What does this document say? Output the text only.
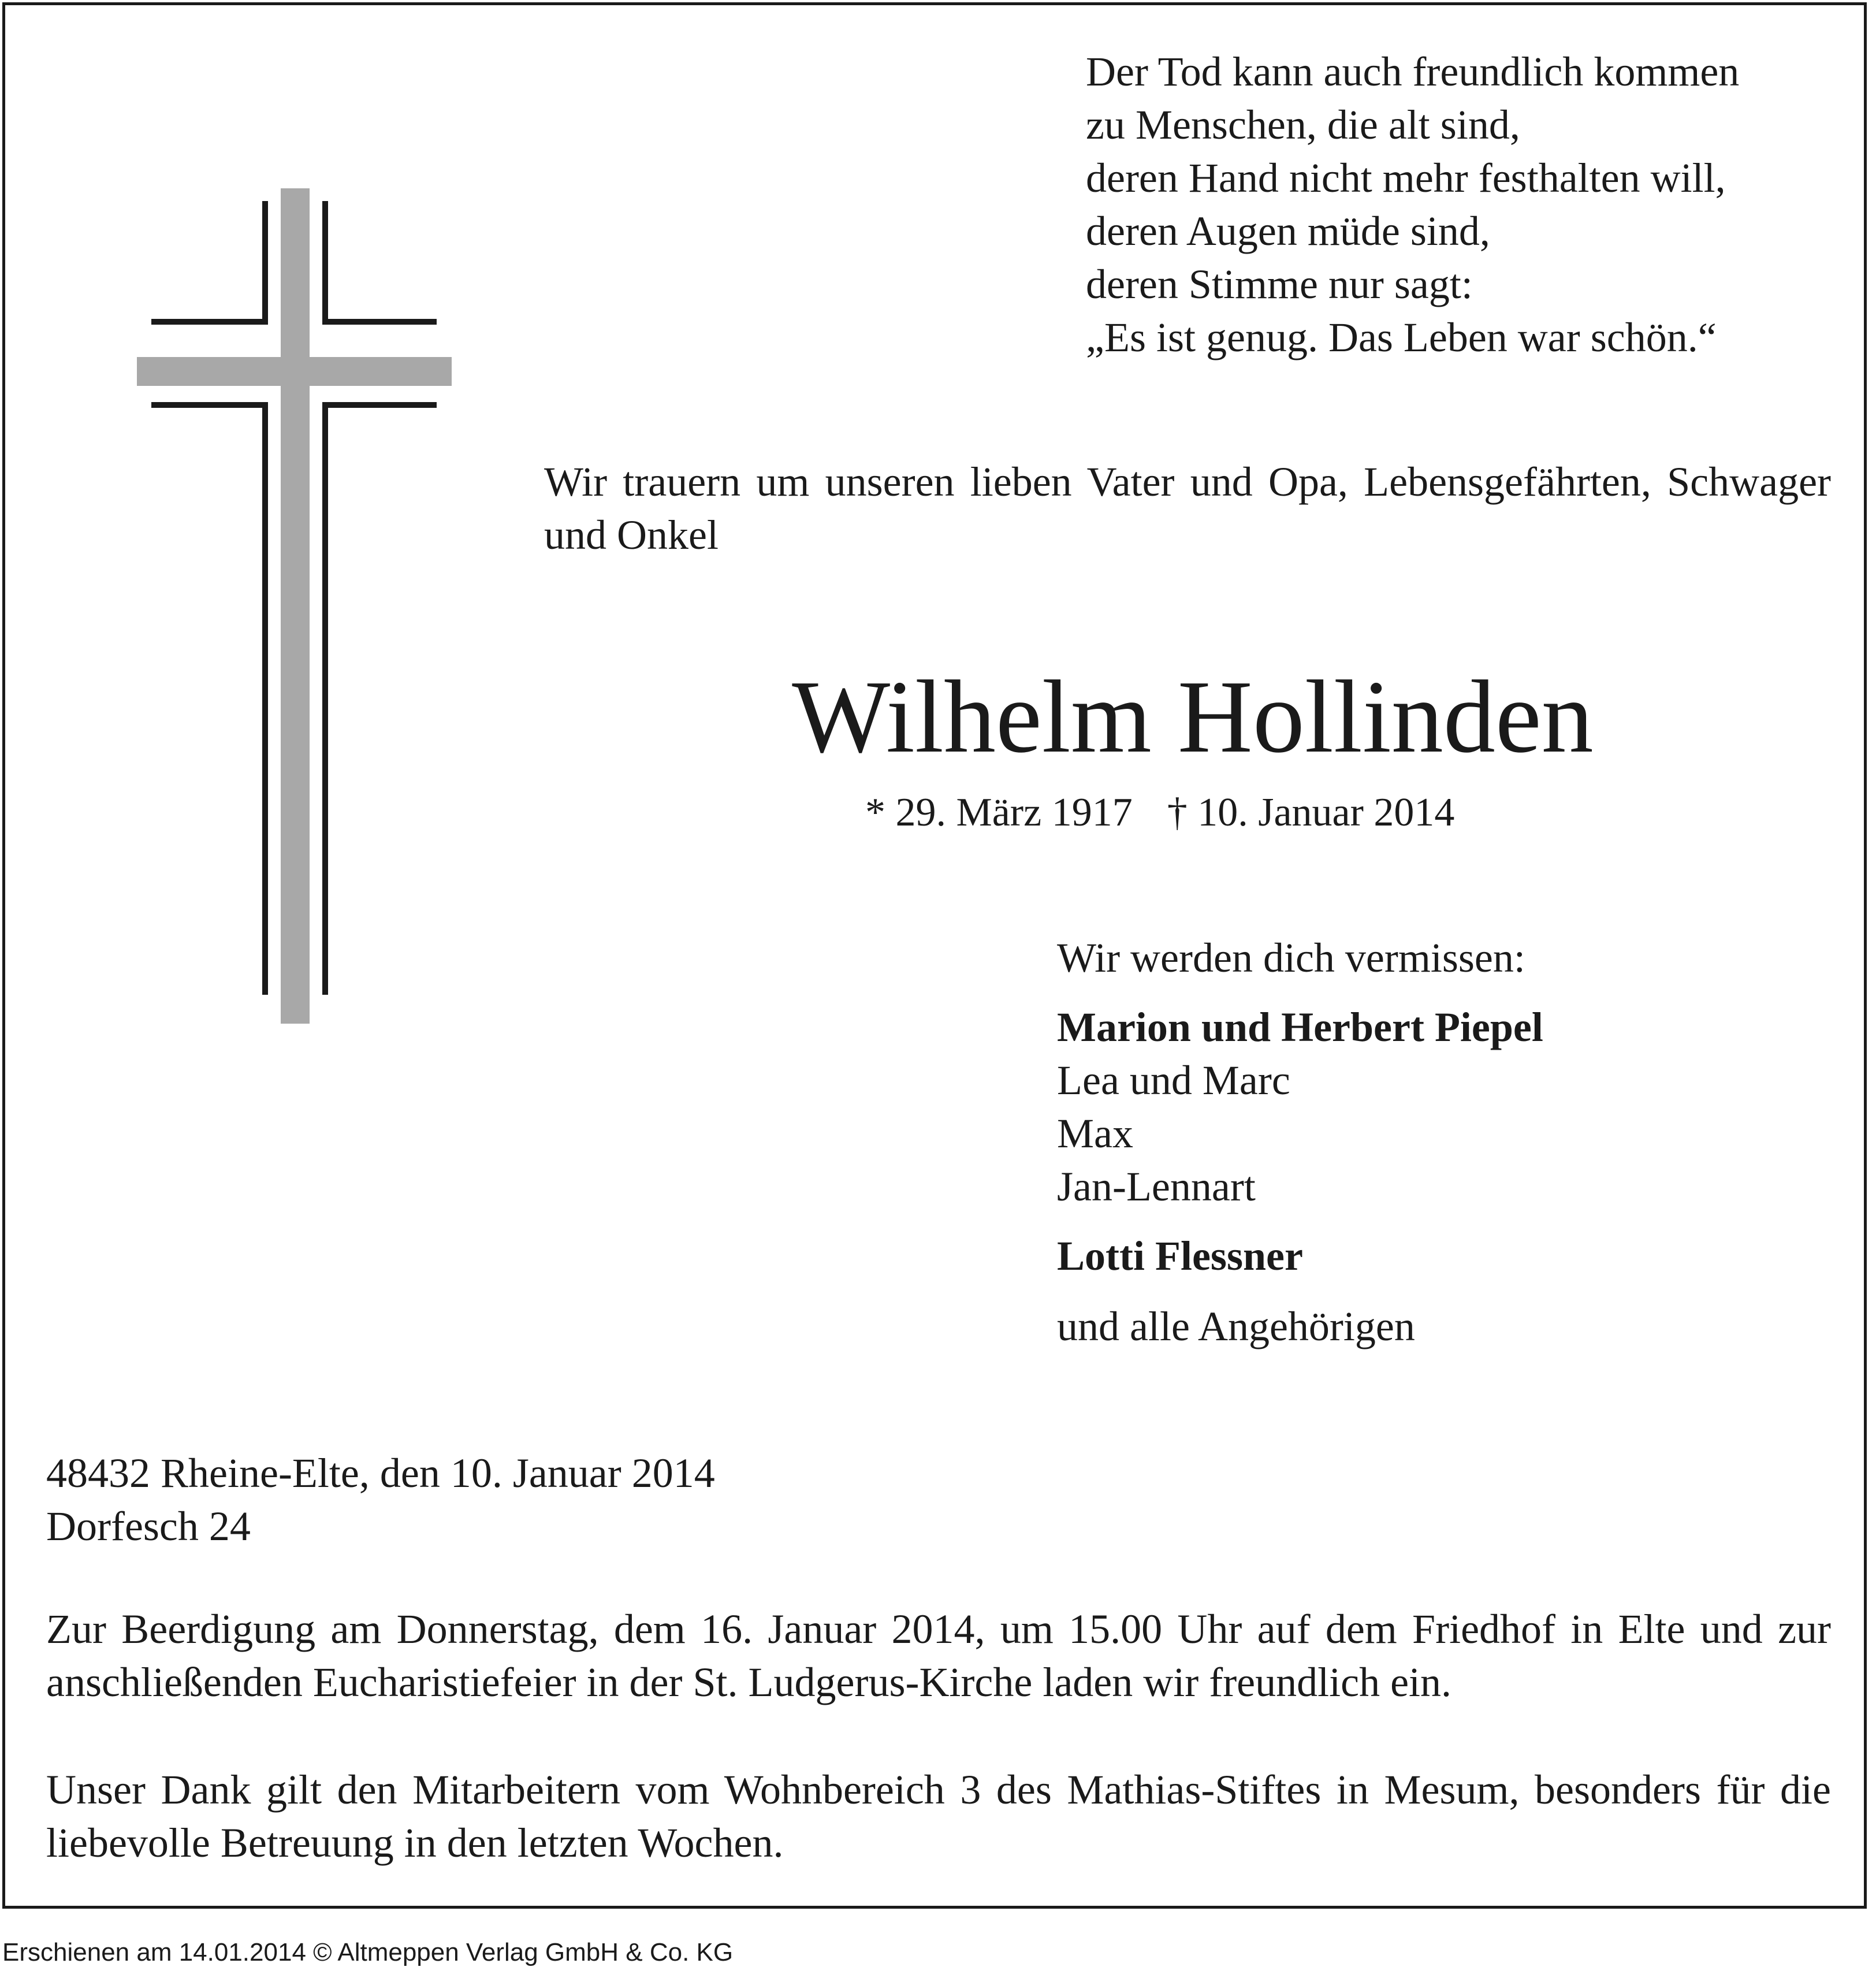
Der Tod kann auch freundlich kommen
zu Menschen, die alt sind,
deren Hand nicht mehr festhalten will,
deren Augen müde sind,
deren Stimme nur sagt:
„Es ist genug. Das Leben war schön.“
Wir trauern um unseren lieben Vater und Opa, Lebensgefährten, Schwager und Onkel
Wilhelm Hollinden
* 29. März 1917 † 10. Januar 2014
Wir werden dich vermissen:
Marion und Herbert Piepel
Lea und Marc
Max
Jan-Lennart
Lotti Flessner
und alle Angehörigen
48432 Rheine-Elte, den 10. Januar 2014
Dorfesch 24
Zur Beerdigung am Donnerstag, dem 16. Januar 2014, um 15.00 Uhr auf dem Friedhof in Elte und zur anschließenden Eucharistiefeier in der St. Ludgerus-Kirche laden wir freundlich ein.
Unser Dank gilt den Mitarbeitern vom Wohnbereich 3 des Mathias-Stiftes in Mesum, besonders für die liebevolle Betreuung in den letzten Wochen.
Erschienen am 14.01.2014 © Altmeppen Verlag GmbH & Co. KG
